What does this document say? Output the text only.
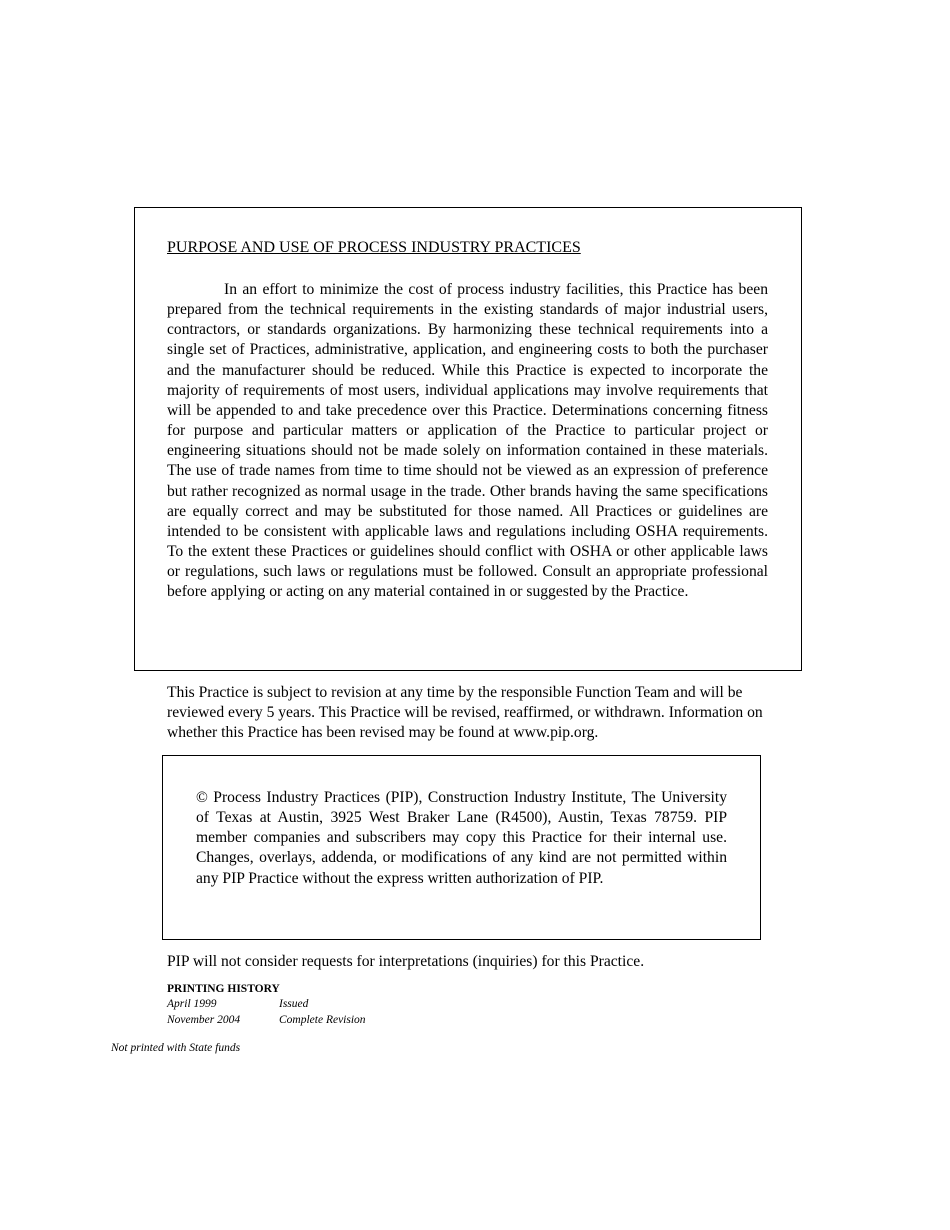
PURPOSE AND USE OF PROCESS INDUSTRY PRACTICES

In an effort to minimize the cost of process industry facilities, this Practice has been prepared from the technical requirements in the existing standards of major industrial users, contractors, or standards organizations. By harmonizing these technical requirements into a single set of Practices, administrative, application, and engineering costs to both the purchaser and the manufacturer should be reduced. While this Practice is expected to incorporate the majority of requirements of most users, individual applications may involve requirements that will be appended to and take precedence over this Practice. Determinations concerning fitness for purpose and particular matters or application of the Practice to particular project or engineering situations should not be made solely on information contained in these materials. The use of trade names from time to time should not be viewed as an expression of preference but rather recognized as normal usage in the trade. Other brands having the same specifications are equally correct and may be substituted for those named. All Practices or guidelines are intended to be consistent with applicable laws and regulations including OSHA requirements. To the extent these Practices or guidelines should conflict with OSHA or other applicable laws or regulations, such laws or regulations must be followed. Consult an appropriate professional before applying or acting on any material contained in or suggested by the Practice.

This Practice is subject to revision at any time by the responsible Function Team and will be reviewed every 5 years. This Practice will be revised, reaffirmed, or withdrawn. Information on whether this Practice has been revised may be found at www.pip.org.

© Process Industry Practices (PIP), Construction Industry Institute, The University of Texas at Austin, 3925 West Braker Lane (R4500), Austin, Texas 78759. PIP member companies and subscribers may copy this Practice for their internal use. Changes, overlays, addenda, or modifications of any kind are not permitted within any PIP Practice without the express written authorization of PIP.

PIP will not consider requests for interpretations (inquiries) for this Practice.

PRINTING HISTORY

April 1999	Issued
November 2004	Complete Revision

Not printed with State funds
